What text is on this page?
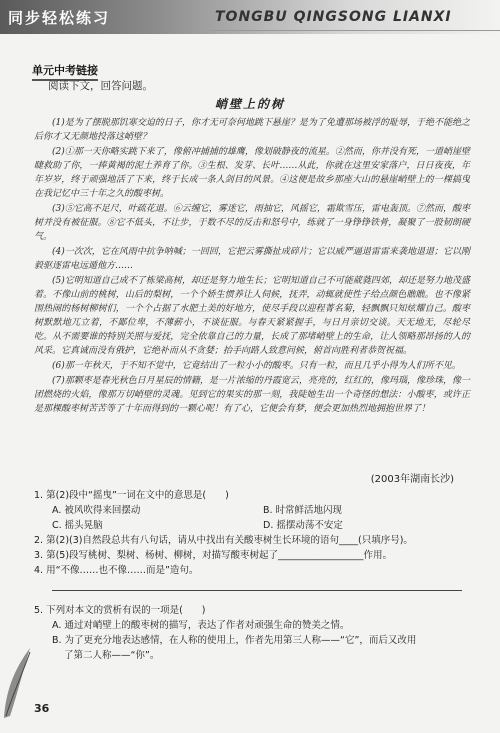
同步轻松练习	TONGBU QINGSONG LIANXI
单元中考链接
阅读下文，回答问题。
峭壁上的树

(1)是为了摆脱那饥寒交迫的日子，你才无可奈何地跳下悬崖？是为了免遭那场被浮的耻辱，于绝不能绝之后你才又无颜地投落这峭壁？

(2)①那一天你略实跳下来了，像俯冲捕捕的雄鹰，像划破静夜的流星。②然而，你并没有死，一道峭崖壁睫救助了你，一捧黄褐的泥土养育了你。③生根、发芽、长叶……从此，你就在这里安家落户，日日夜夜，年年岁岁，终于顽强地活了下来，终于长成一条人剑目的风景。④这便是故乡那座大山的悬崖峭壁上的一棵搞曳在我记忆中三十年之久的酸枣树。

(3)⑤它高不足尺，叶疏花退。⑥云缠它，雾迷它，雨抽它，风摇它，霜欺雪压，雷电轰顶。⑦然而，酸枣树并没有被征服。⑧它不低头，不让步，于数不尽的反击和怒号中，练就了一身铮铮铁骨，凝聚了一股韧朗硬气。

(4)一次次，它在风雨中抗争呐喊；一回回，它把云雾撕扯成碎片；它以威严逼退雷雷来袭地退退；它以刚毅驱逐雷电远遁他方……

(5)它明知道自己成不了栋梁高树，却还是努力地生长；它明知道自己不可能葳蕤四郊，却还是努力地茂盛着。不像山前的桃树，山后的梨树，一个个娇生惯养让人伺候，抚弄，动辄就使性子给点颜色瞧瞧。也不像紧围热闹的杨树柳树们，一个个占据了水肥土美的好地方，使尽手段以迎程菁名菊，轻飘飘只知炫耀自己。酸枣树默默地兀立着，不鄙位卑，不薄薪小，不谈征服。与春天紧紧握手，与日月亲切交谈。天无地无，尽轮尽吃。从不需要谁的特别关照与爱抚，完全依靠自己的力量，长成了那堵峭壁上的生命，让人领略那昂扬的人的风采。它真诚而没有俄护，它绝补而从不贪婪；抬手向路人致意问候，俯首向胜利者恭贺祝福。

(6)那一年秋天，于不知不觉中，它竟结出了一粒小小的酸枣。只有一粒，而且几乎小得为人们所不见。

(7)那颗枣是春光秋色日月星辰的情籍，是一片浓缩的丹霞宽云，亮亮的，红红的，像玛瑙，像珍珠，像一团燃烧的火焰，像那万切峭壁的灵魂。见到它的果实的那一刻，我陡她生出一个奇怪的想法：小酸枣，或许正是那棵酸枣树苦苦等了十年而得到的一颗心呢！有了心，它便会有梦，便会更加热烈地拥抱世界了！

(2003年湖南长沙)

1. 第(2)段中“摇曳”一词在文中的意思是(　　)

A. 被风吹得来回摆动	B. 时常鲜活地闪现
C. 摇头晃脑	D. 摇摆动荡不安定

2. 第(2)(3)自然段总共有八句话，请从中找出有关酸枣树生长环境的语句____(只填序号)。

3. 第(5)段写桃树、梨树、杨树、柳树，对描写酸枣树起了__________________作用。

4. 用“不像……也不像……而是”造句。

5. 下列对本文的赏析有误的一项是(　　)

A. 通过对峭壁上的酸枣树的描写，表达了作者对顽强生命的赞美之情。

B. 为了更充分地表达感情，在人称的使用上，作者先用第三人称——“它”，而后又改用

了第二人称——“你”。

36
